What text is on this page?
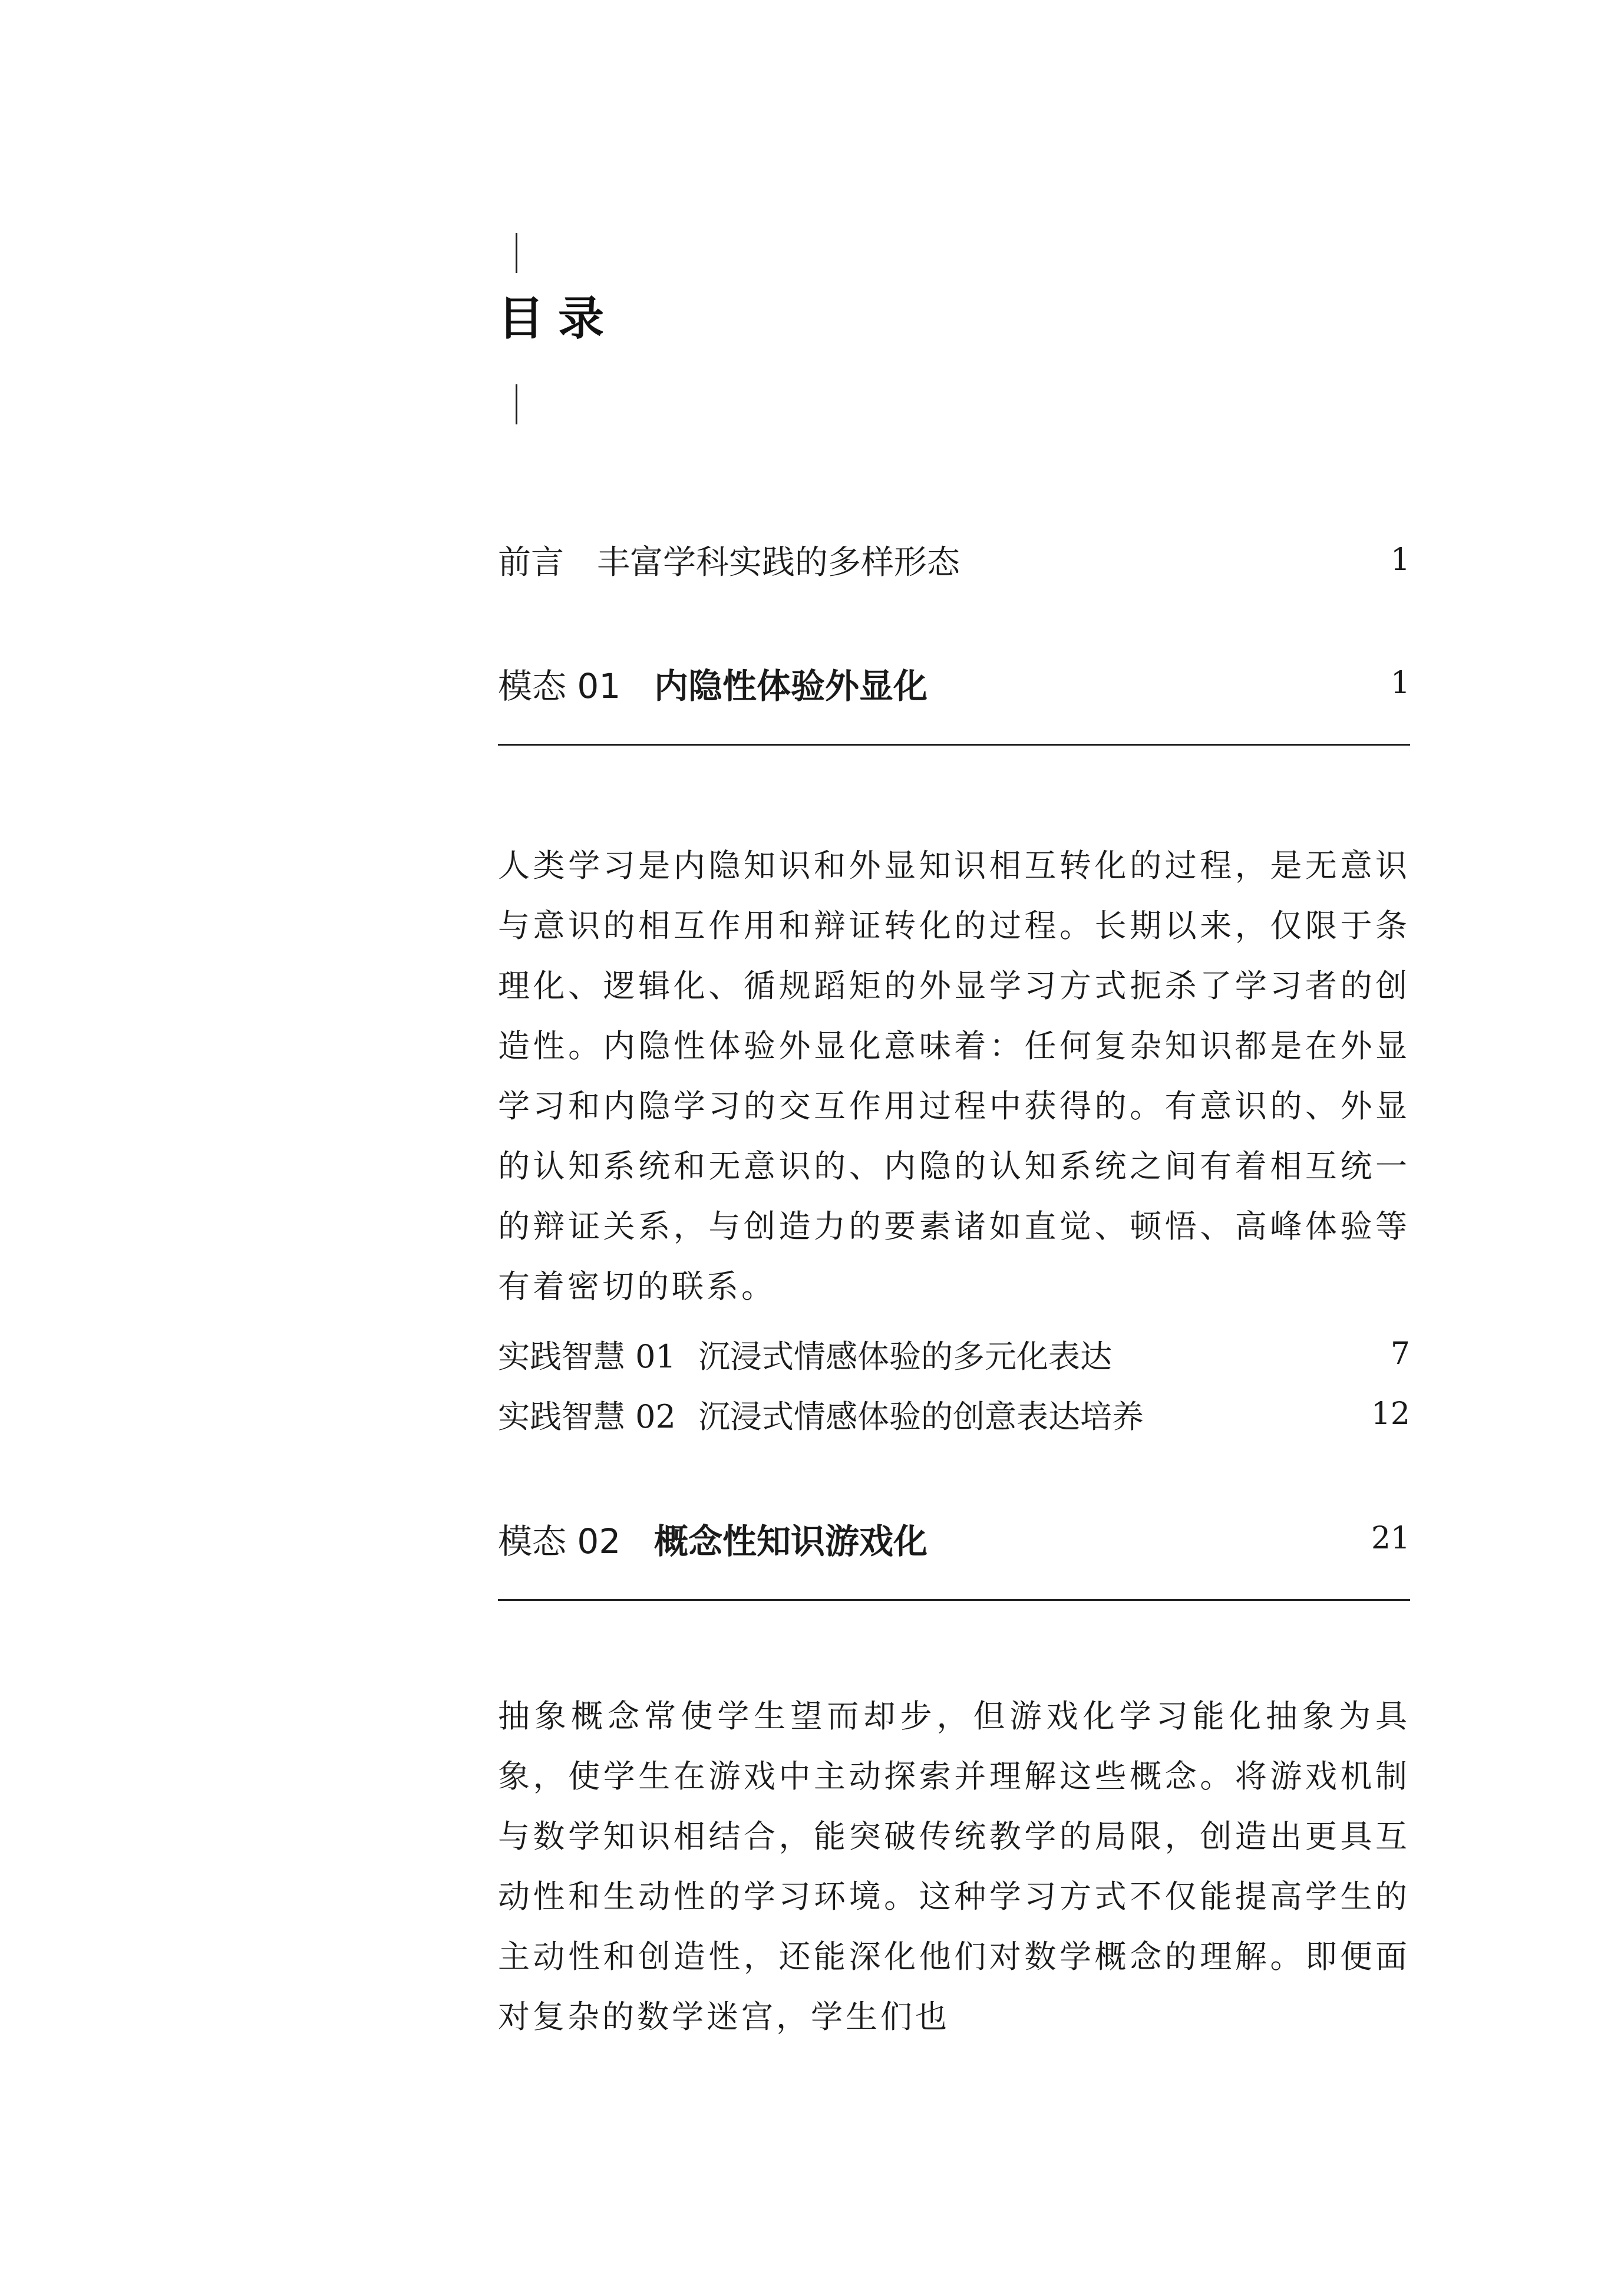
目录
前言	丰富学科实践的多样形态	1
模态 01 内隐性体验外显化	1

人类学习是内隐知识和外显知识相互转化的过程，是无意识与意识的相互作用和辩证转化的过程。长期以来，仅限于条理化、逻辑化、循规蹈矩的外显学习方式扼杀了学习者的创造性。内隐性体验外显化意味着：任何复杂知识都是在外显学习和内隐学习的交互作用过程中获得的。有意识的、外显的认知系统和无意识的、内隐的认知系统之间有着相互统一的辩证关系，与创造力的要素诸如直觉、顿悟、高峰体验等有着密切的联系。

实践智慧 01 沉浸式情感体验的多元化表达	7
实践智慧 02 沉浸式情感体验的创意表达培养	12
模态 02 概念性知识游戏化	21

抽象概念常使学生望而却步，但游戏化学习能化抽象为具象，使学生在游戏中主动探索并理解这些概念。将游戏机制与数学知识相结合，能突破传统教学的局限，创造出更具互动性和生动性的学习环境。这种学习方式不仅能提高学生的主动性和创造性，还能深化他们对数学概念的理解。即便面对复杂的数学迷宫，学生们也
